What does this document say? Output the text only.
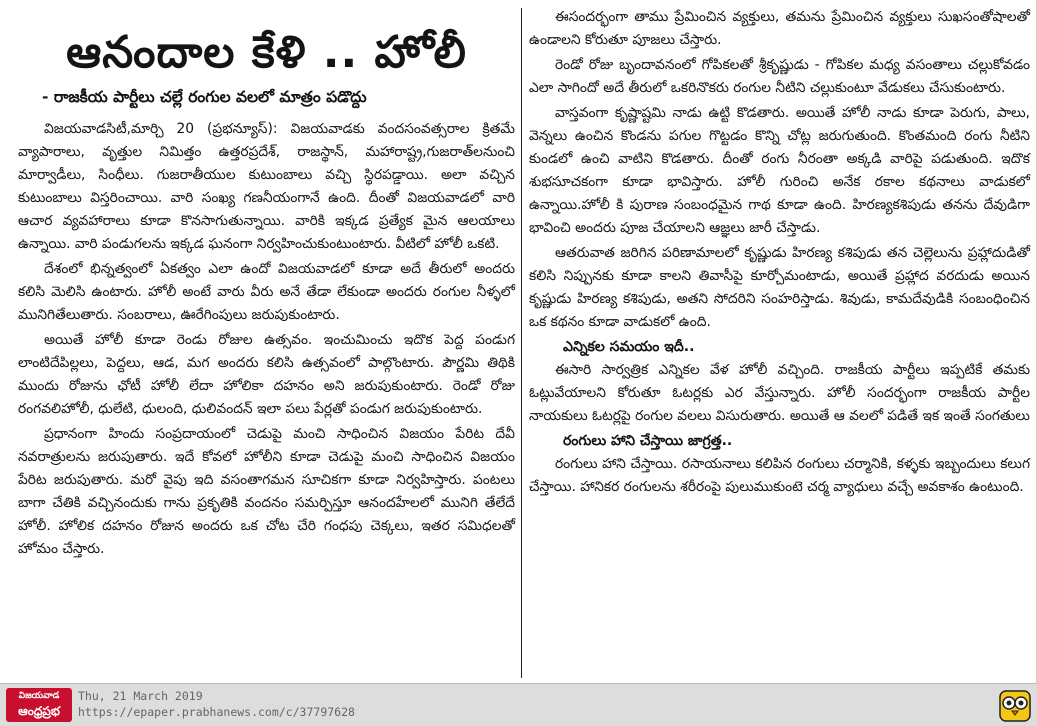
ఆనందాల కేళి .. హోలీ
- రాజకీయ పార్టీలు చల్లే రంగుల వలలో మాత్రం పడొద్దు

విజయవాడసిటీ,మార్చి 20 (ప్రభన్యూస్): విజయవాడకు వందసంవత్సరాల క్రితమే వ్యాపారాలు, వృత్తుల నిమిత్తం ఉత్తరప్రదేశ్, రాజస్థాన్, మహారాష్ట్ర,గుజరాత్‌లనుంచి మార్వాడీలు, సింధీలు. గుజరాతీయుల కుటుంబాలు వచ్చి స్థిరపడ్డాయి. అలా వచ్చిన కుటుంబాలు విస్తరించాయి. వారి సంఖ్య గణనీయంగానే ఉంది. దీంతో విజయవాడలో వారి ఆచార వ్యవహారాలు కూడా కొనసాగుతున్నాయి. వారికి ఇక్కడ ప్రత్యేక మైన ఆలయాలు ఉన్నాయి. వారి పండుగలను ఇక్కడ ఘనంగా నిర్వహించుకుంటుంటారు. వీటిలో హోలీ ఒకటి.

దేశంలో భిన్నత్వంలో ఏకత్వం ఎలా ఉందో విజయవాడలో కూడా అదే తీరులో అందరు కలిసి మెలిసి ఉంటారు. హోలీ అంటే వారు వీరు అనే తేడా లేకుండా అందరు రంగుల నీళ్ళలో మునిగితేలుతారు. సంబరాలు, ఊరేగింపులు జరుపుకుంటారు.

అయితే హోలీ కూడా రెండు రోజుల ఉత్సవం. ఇంచుమించు ఇదొక పెద్ద పండుగ లాంటిదేపిల్లలు, పెద్దలు, ఆడ, మగ అందరు కలిసి ఉత్సవంలో పాల్గొంటారు. పౌర్ణమి తిథికి ముందు రోజును ఛోటీ హోలీ లేదా హోలికా దహనం అని జరుపుకుంటారు. రెండో రోజు రంగవలిహోలీ, ధులేటి, ధులంది, ధులివందన్ ఇలా పలు పేర్లతో పండుగ జరుపుకుంటారు.

ప్రధానంగా హిందు సంప్రదాయంలో చెడుపై మంచి సాధించిన విజయం పేరిట దేవీ నవరాత్రులను జరుపుతారు. ఇదే కోవలో హోలీని కూడా చెడుపై మంచి సాధించిన విజయం పేరిట జరుపుతారు. మరో వైపు ఇది వసంతాగమన సూచికగా కూడా నిర్వహిస్తారు. పంటలు బాగా చేతికి వచ్చినందుకు గాను ప్రకృతికి వందనం సమర్పిస్తూ ఆనందహేలలో మునిగి తేలేదే హోలీ. హోలిక దహనం రోజున అందరు ఒక చోట చేరి గంధపు చెక్కలు, ఇతర సమిధలతో హోమం చేస్తారు.

ఈసందర్భంగా తాము ప్రేమించిన వ్యక్తులు, తమను ప్రేమించిన వ్యక్తులు సుఖసంతోషాలతో ఉండాలని కోరుతూ పూజలు చేస్తారు.

రెండో రోజు బృందావనంలో గోపికలతో శ్రీకృష్ణుడు - గోపికల మధ్య వసంతాలు చల్లుకోవడం ఎలా సాగిందో అదే తీరులో ఒకరినొకరు రంగుల నీటిని చల్లుకుంటూ వేడుకలు చేసుకుంటారు.

వాస్తవంగా కృష్ణాష్టమి నాడు ఉట్టి కొడతారు. అయితే హోలీ నాడు కూడా పెరుగు, పాలు, వెన్నలు ఉంచిన కొండను పగుల గొట్టడం కొన్ని చోట్ల జరుగుతుంది. కొంతమంది రంగు నీటిని కుండలో ఉంచి వాటిని కొడతారు. దీంతో రంగు నీరంతా అక్కడి వారిపై పడుతుంది. ఇదొక శుభసూచకంగా కూడా భావిస్తారు. హోలీ గురించి అనేక రకాల కథనాలు వాడుకలో ఉన్నాయి.హోలీ కి పురాణ సంబంధమైన గాథ కూడా ఉంది. హిరణ్యకశిపుడు తనను దేవుడిగా భావించి అందరు పూజ చేయాలని ఆజ్ఞలు జారీ చేస్తాడు.

ఆతరువాత జరిగిన పరిణామాలలో కృష్ణుడు హిరణ్య కశిపుడు తన చెల్లెలును ప్రహ్లాదుడితో కలిసి నిప్పునకు కూడా కాలని తివాసీపై కూర్చోమంటాడు, అయితే ప్రహ్లాద వరదుడు అయిన కృష్ణుడు హిరణ్య కశిపుడు, అతని సోదరిని సంహరిస్తాడు. శివుడు, కామదేవుడికి సంబంధించిన ఒక కథనం కూడా వాడుకలో ఉంది.

ఎన్నికల సమయం ఇదీ..

ఈసారి సార్వత్రిక ఎన్నికల వేళ హోలీ వచ్చింది. రాజకీయ పార్టీలు ఇప్పటికే తమకు ఓట్లువేయాలని కోరుతూ ఓటర్లకు ఎర వేస్తున్నారు. హోలీ సందర్భంగా రాజకీయ పార్టీల నాయకులు ఓటర్లపై రంగుల వలలు విసురుతారు. అయితే ఆ వలలో పడితే ఇక ఇంతే సంగతులు

రంగులు హాని చేస్తాయి జాగ్రత్త..

రంగులు హాని చేస్తాయి. రసాయనాలు కలిపిన రంగులు చర్మానికి, కళ్ళకు ఇబ్బందులు కలుగ చేస్తాయి. హానికర రంగులను శరీరంపై పులుముకుంటె చర్మ వ్యాధులు వచ్చే అవకాశం ఉంటుంది.

విజయవాడ
ఆంధ్రప్రభ
Thu, 21 March 2019
https://epaper.prabhanews.com/c/37797628
